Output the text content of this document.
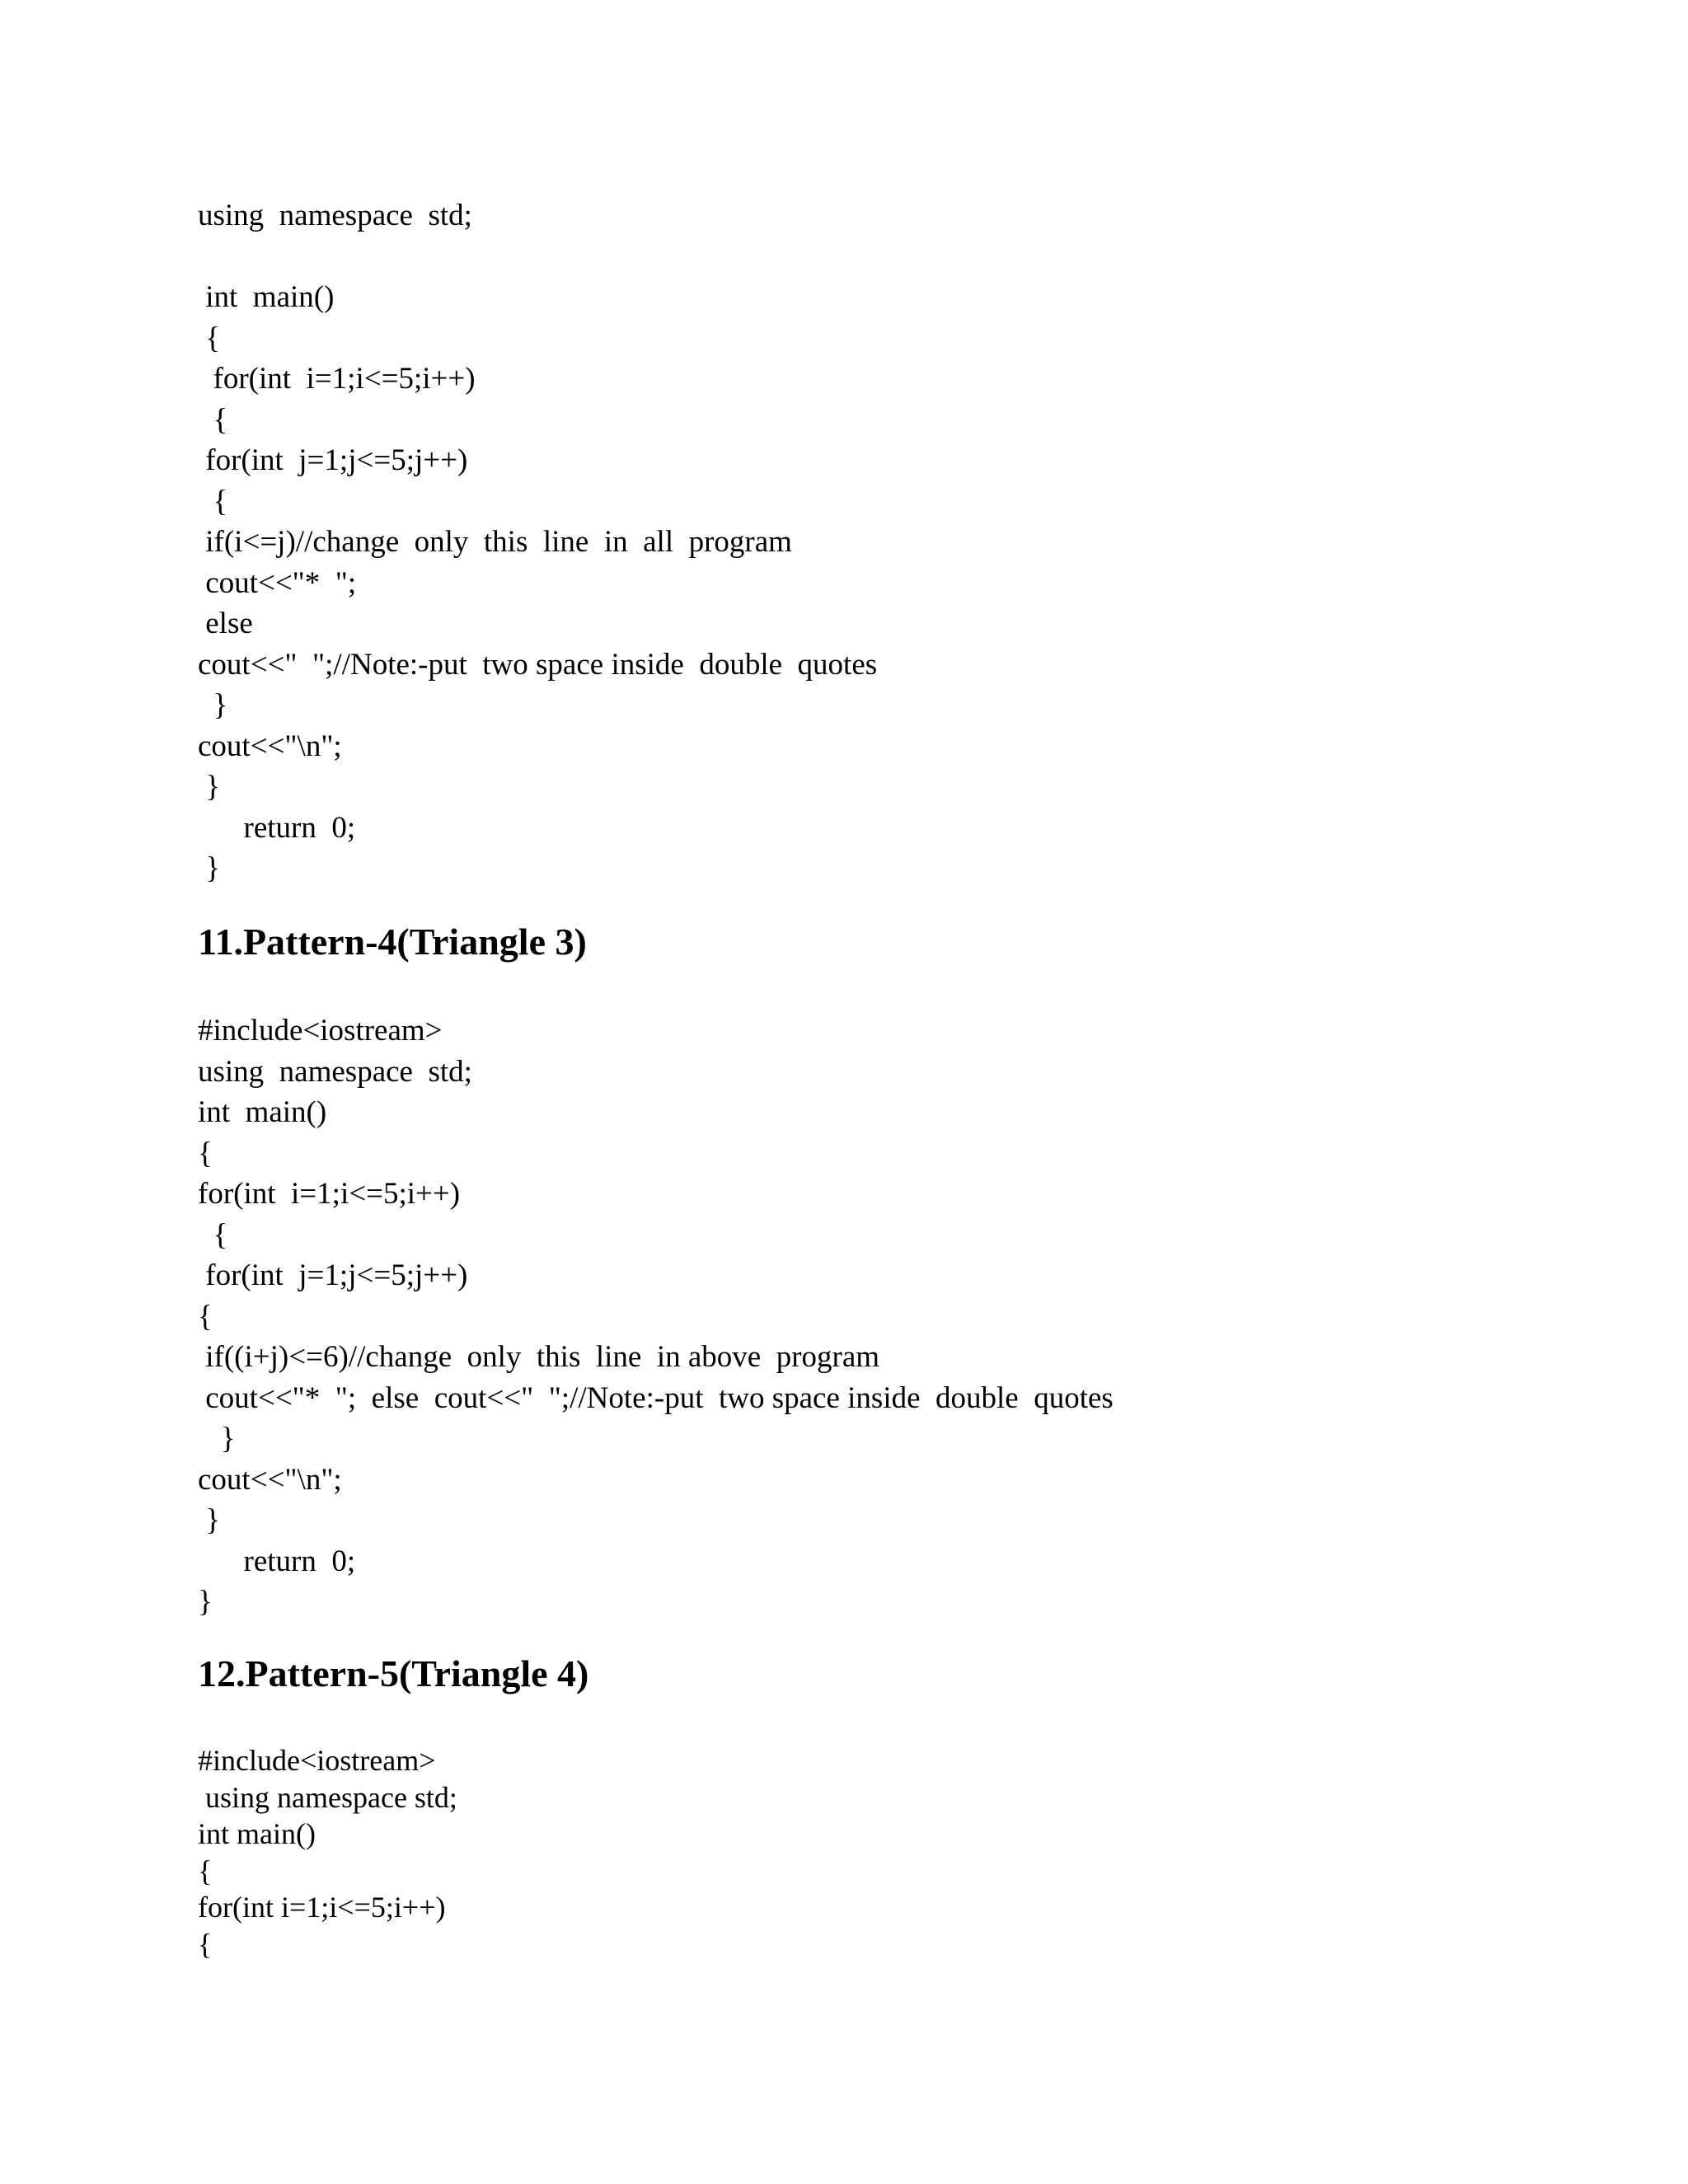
using  namespace  std;
int  main()
{
for(int  i=1;i<=5;i++)
{
for(int  j=1;j<=5;j++)
{
if(i<=j)//change  only  this  line  in  all  program
cout<<"*  ";
else
cout<<"  ";//Note:-put  two space inside  double  quotes
}
cout<<"\n";
}
return  0;
}
11.Pattern-4(Triangle 3)
#include<iostream>
using  namespace  std;
int  main()
{
for(int  i=1;i<=5;i++)
{
for(int  j=1;j<=5;j++)
{
if((i+j)<=6)//change  only  this  line  in above  program
cout<<"*  ";  else  cout<<"  ";//Note:-put  two space inside  double  quotes
}
cout<<"\n";
}
return  0;
}
12.Pattern-5(Triangle 4)
#include<iostream>
using namespace std;
int main()
{
for(int i=1;i<=5;i++)
{
